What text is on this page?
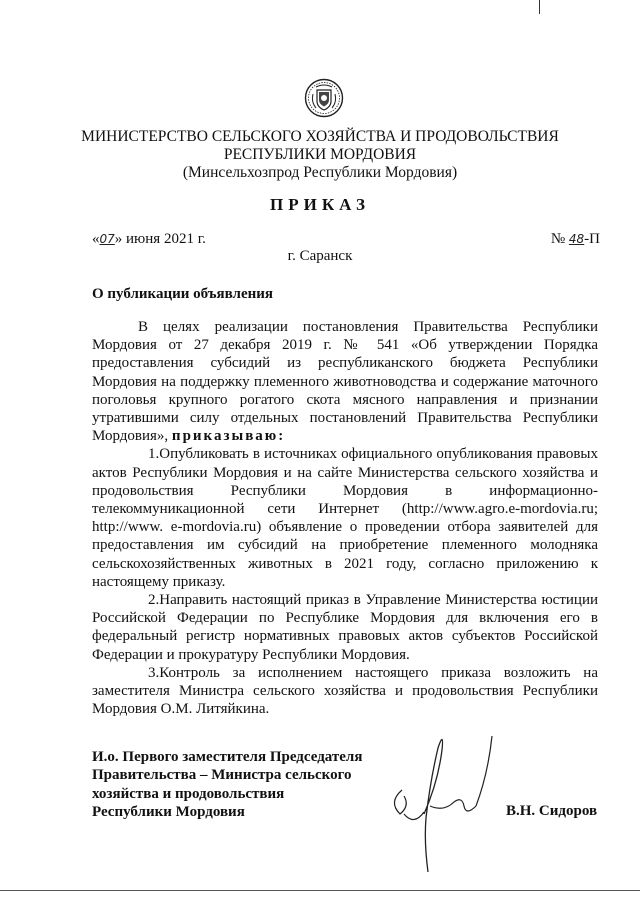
МИНИСТЕРСТВО СЕЛЬСКОГО ХОЗЯЙСТВА И ПРОДОВОЛЬСТВИЯ

РЕСПУБЛИКИ МОРДОВИЯ

(Минсельхозпрод Республики Мордовия)

ПРИКАЗ
«07» июня 2021 г.	№ 48-П
г. Саранск

О публикации объявления

В целях реализации постановления Правительства Республики Мордовия от 27 декабря 2019 г. № 541 «Об утверждении Порядка предоставления субсидий из республиканского бюджета Республики Мордовия на поддержку племенного животноводства и содержание маточного поголовья крупного рогатого скота мясного направления и признании утратившими силу отдельных постановлений Правительства Республики Мордовия», приказываю:

1.Опубликовать в источниках официального опубликования правовых актов Республики Мордовия и на сайте Министерства сельского хозяйства и продовольствия Республики Мордовия в информационно-телекоммуникационной сети Интернет (http://www.agro.e-mordovia.ru; http://www. e-mordovia.ru) объявление о проведении отбора заявителей для предоставления им субсидий на приобретение племенного молодняка сельскохозяйственных животных в 2021 году, согласно приложению к настоящему приказу.

2.Направить настоящий приказ в Управление Министерства юстиции Российской Федерации по Республике Мордовия для включения его в федеральный регистр нормативных правовых актов субъектов Российской Федерации и прокуратуру Республики Мордовия.

3.Контроль за исполнением настоящего приказа возложить на заместителя Министра сельского хозяйства и продовольствия Республики Мордовия О.М. Литяйкина.

И.о. Первого заместителя Председателя
Правительства – Министра сельского
хозяйства и продовольствия
Республики Мордовия	В.Н. Сидоров
